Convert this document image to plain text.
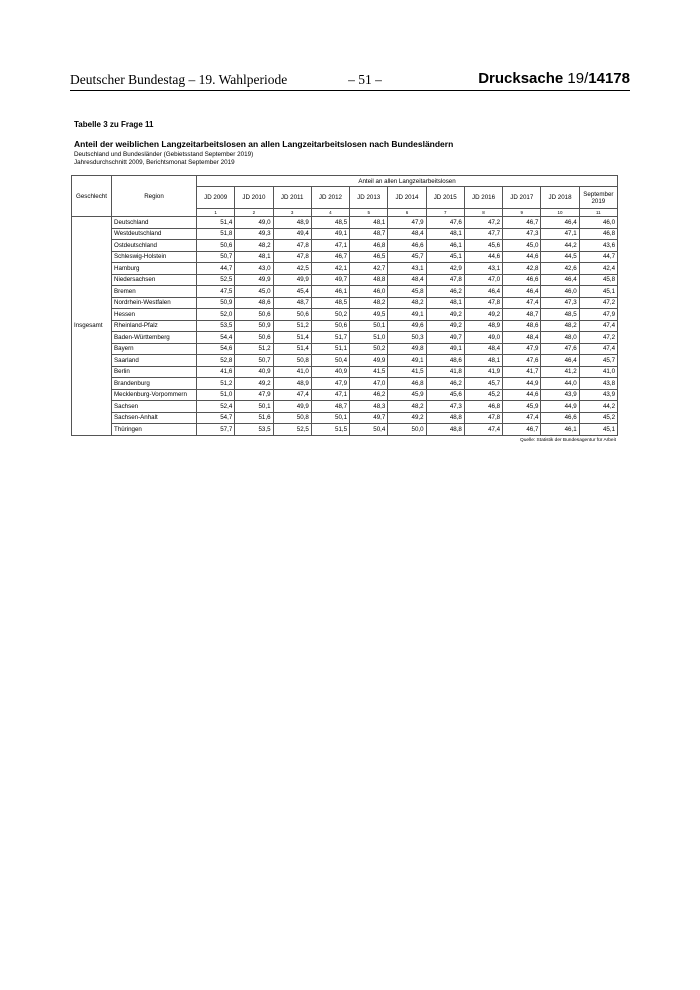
Deutscher Bundestag – 19. Wahlperiode	– 51 –	Drucksache 19/14178
Tabelle 3 zu Frage 11
Anteil der weiblichen Langzeitarbeitslosen an allen Langzeitarbeitslosen nach Bundesländern
Deutschland und Bundesländer (Gebietsstand September 2019)
Jahresdurchschnitt 2009, Berichtsmonat September 2019
Geschlecht	Region	Anteil an allen Langzeitarbeitslosen										
		JD 2009	JD 2010	JD 2011	JD 2012	JD 2013	JD 2014	JD 2015	JD 2016	JD 2017	JD 2018	September 2019
		1	2	3	4	5	6	7	8	9	10	11
Insgesamt	Deutschland	51,4	49,0	48,9	48,5	48,1	47,9	47,6	47,2	46,7	46,4	46,0
	Westdeutschland	51,8	49,3	49,4	49,1	48,7	48,4	48,1	47,7	47,3	47,1	46,8
	Ostdeutschland	50,6	48,2	47,8	47,1	46,8	46,6	46,1	45,6	45,0	44,2	43,6
	Schleswig-Holstein	50,7	48,1	47,8	46,7	46,5	45,7	45,1	44,6	44,6	44,5	44,7
	Hamburg	44,7	43,0	42,5	42,1	42,7	43,1	42,9	43,1	42,8	42,6	42,4
	Niedersachsen	52,5	49,9	49,9	49,7	48,8	48,4	47,8	47,0	46,6	46,4	45,8
	Bremen	47,5	45,0	45,4	46,1	46,0	45,8	46,2	46,4	46,4	46,0	45,1
	Nordrhein-Westfalen	50,9	48,6	48,7	48,5	48,2	48,2	48,1	47,8	47,4	47,3	47,2
	Hessen	52,0	50,6	50,6	50,2	49,5	49,1	49,2	49,2	48,7	48,5	47,9
	Rheinland-Pfalz	53,5	50,9	51,2	50,6	50,1	49,6	49,2	48,9	48,6	48,2	47,4
	Baden-Württemberg	54,4	50,6	51,4	51,7	51,0	50,3	49,7	49,0	48,4	48,0	47,2
	Bayern	54,6	51,2	51,4	51,1	50,2	49,8	49,1	48,4	47,9	47,6	47,4
	Saarland	52,8	50,7	50,8	50,4	49,9	49,1	48,6	48,1	47,6	46,4	45,7
	Berlin	41,6	40,9	41,0	40,9	41,5	41,5	41,8	41,9	41,7	41,2	41,0
	Brandenburg	51,2	49,2	48,9	47,9	47,0	46,8	46,2	45,7	44,9	44,0	43,8
	Mecklenburg-Vorpommern	51,0	47,9	47,4	47,1	46,2	45,9	45,6	45,2	44,6	43,9	43,9
	Sachsen	52,4	50,1	49,9	48,7	48,3	48,2	47,3	46,8	45,9	44,9	44,2
	Sachsen-Anhalt	54,7	51,6	50,8	50,1	49,7	49,2	48,8	47,8	47,4	46,6	45,2
	Thüringen	57,7	53,5	52,5	51,5	50,4	50,0	48,8	47,4	46,7	46,1	45,1
Quelle: Statistik der Bundesagentur für Arbeit
